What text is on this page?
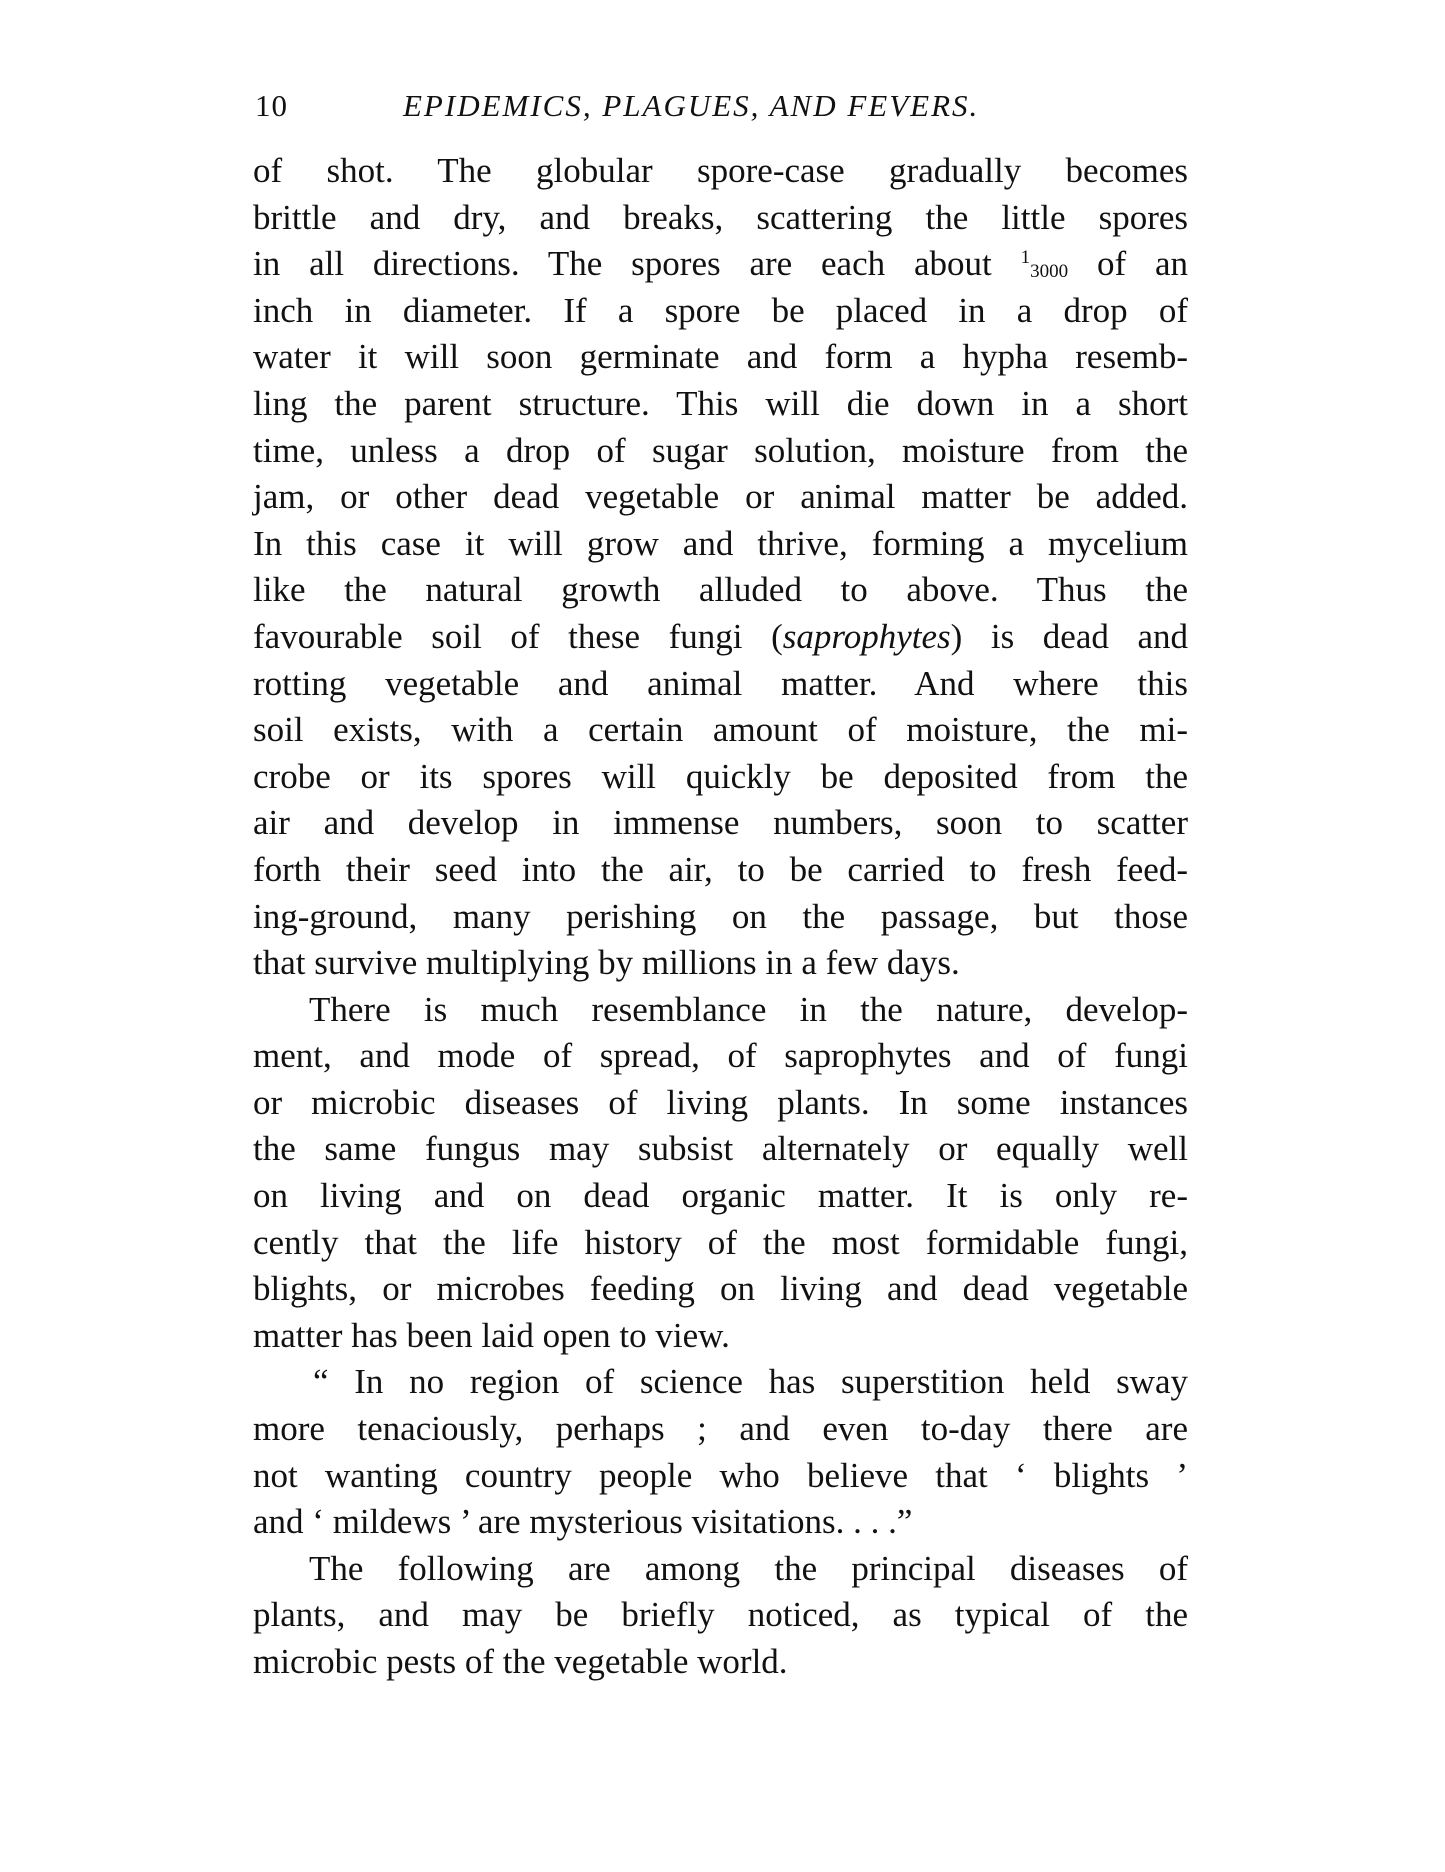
10	EPIDEMICS, PLAGUES, AND FEVERS.
of shot. The globular spore-case gradually becomes
brittle and dry, and breaks, scattering the little spores
in all directions. The spores are each about 13000 of an
inch in diameter. If a spore be placed in a drop of
water it will soon germinate and form a hypha resemb-
ling the parent structure. This will die down in a short
time, unless a drop of sugar solution, moisture from the
jam, or other dead vegetable or animal matter be added.
In this case it will grow and thrive, forming a mycelium
like the natural growth alluded to above. Thus the
favourable soil of these fungi (saprophytes) is dead and
rotting vegetable and animal matter. And where this
soil exists, with a certain amount of moisture, the mi-
crobe or its spores will quickly be deposited from the
air and develop in immense numbers, soon to scatter
forth their seed into the air, to be carried to fresh feed-
ing-ground, many perishing on the passage, but those
that survive multiplying by millions in a few days.
There is much resemblance in the nature, develop-
ment, and mode of spread, of saprophytes and of fungi
or microbic diseases of living plants. In some instances
the same fungus may subsist alternately or equally well
on living and on dead organic matter. It is only re-
cently that the life history of the most formidable fungi,
blights, or microbes feeding on living and dead vegetable
matter has been laid open to view.
“ In no region of science has superstition held sway
more tenaciously, perhaps ; and even to-day there are
not wanting country people who believe that ‘ blights ’
and ‘ mildews ’ are mysterious visitations. . . .”
The following are among the principal diseases of
plants, and may be briefly noticed, as typical of the
microbic pests of the vegetable world.
